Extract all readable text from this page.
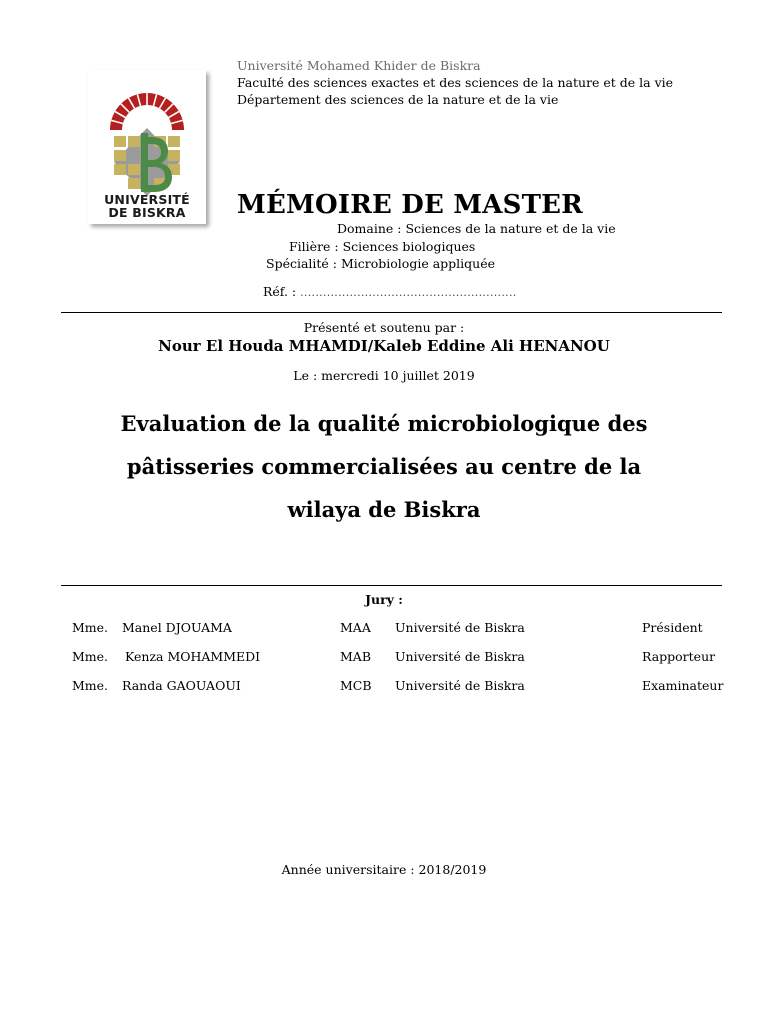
UNIVERSITÉ
DE BISKRA
Université Mohamed Khider de Biskra
Faculté des sciences exactes et des sciences de la nature et de la vie
Département des sciences de la nature et de la vie
MÉMOIRE DE MASTER
Domaine : Sciences de la nature et de la vie
Filière : Sciences biologiques
Spécialité : Microbiologie appliquée
Réf. : .........................................................
Présenté et soutenu par :
Nour El Houda MHAMDI/Kaleb Eddine Ali HENANOU
Le : mercredi 10 juillet 2019
Evaluation de la qualité microbiologique des
pâtisseries commercialisées au centre de la
wilaya de Biskra
Jury :
Mme. Manel DJOUAMA	MAA Université de Biskra	Président
Mme. Kenza MOHAMMEDI	MAB Université de Biskra	Rapporteur
Mme. Randa GAOUAOUI	MCB Université de Biskra	Examinateur
Année universitaire : 2018/2019
